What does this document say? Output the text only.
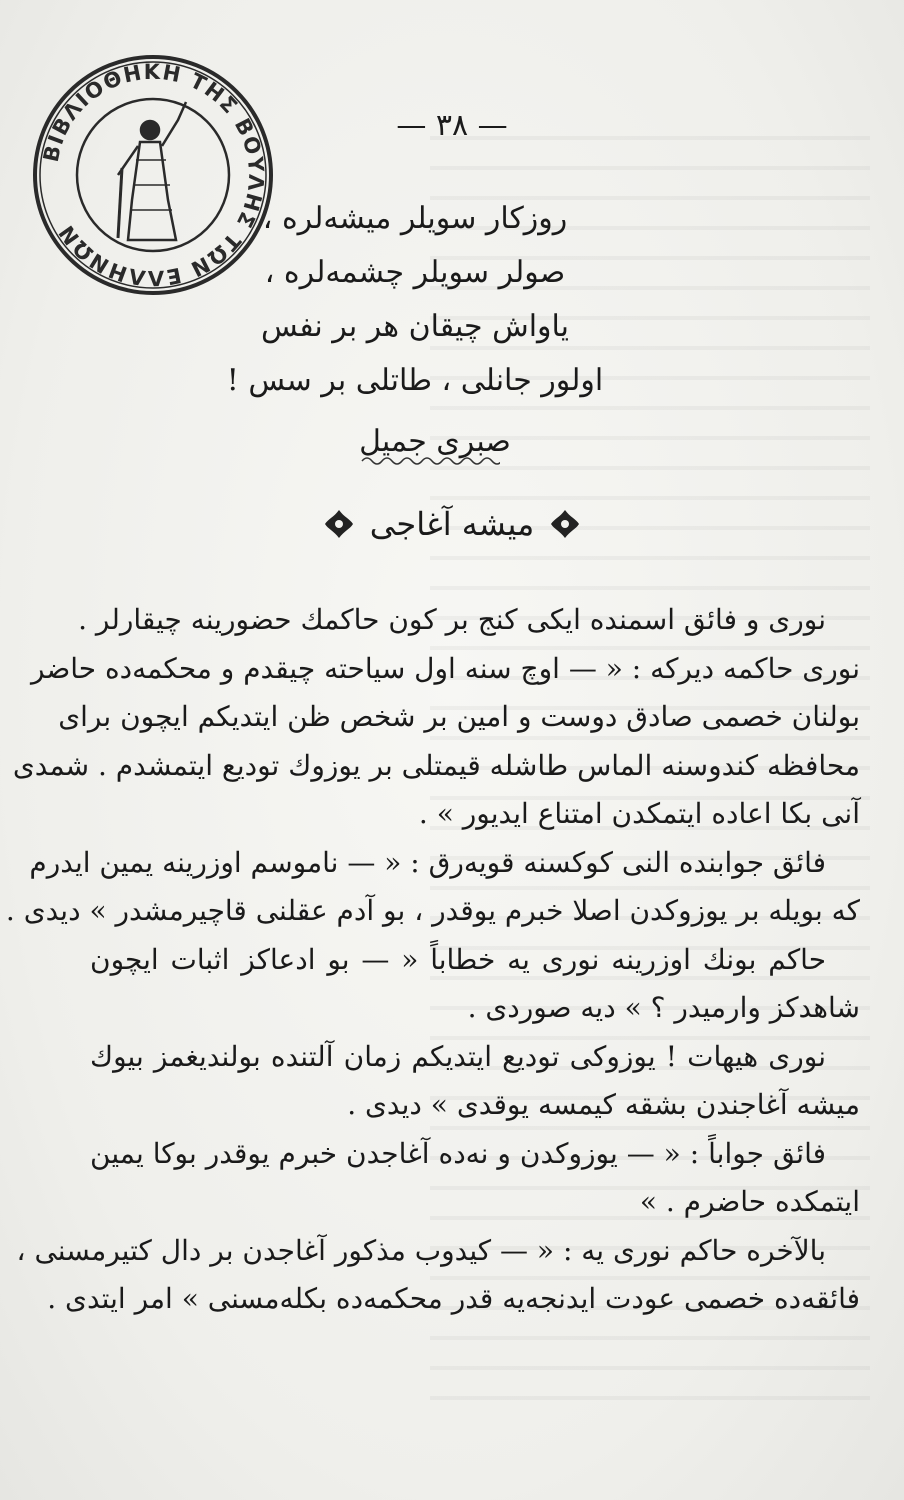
ΒΙΒΛΙΟΘΗΚΗ ΤΗΣ ΒΟΥΛΗΣ ΤΩΝ ΕΛΛΗΝΩΝ
— ٣٨ —
روزكار سويلر ميشەلرە ،
صولر سويلر چشمەلرە ،
ياواش چيقان هر بر نفس
اولور جانلى ، طاتلى بر سس !
صبرى جميل
ميشە آغاجى
نورى و فائق اسمندە ايكى كنج بر كون حاكمك حضورينە چيقارلر .
نورى حاكمە ديركە : « — اوچ سنە اول سياحتە چيقدم و محكمەدە حاضر
بولنان خصمى صادق دوست و امين بر شخص ظن ايتديكم ايچون براى
محافظە كندوسنە الماس طاشلە قيمتلى بر يوزوك توديع ايتمشدم . شمدى
آنى بكا اعادە ايتمكدن امتناع ايديور » .
فائق جوابندە النى كوكسنە قويەرق : « — ناموسم اوزرينە يمين ايدرم
كە بويلە بر يوزوكدن اصلا خبرم يوقدر ، بو آدم عقلنى قاچيرمشدر » ديدى .
حاكم بونك اوزرينە نورى يە خطاباً « — بو ادعاكز اثبات ايچون
شاهدكز وارميدر ؟ » ديە صوردى .
نورى هيهات ! يوزوكى توديع ايتديكم زمان آلتندە بولنديغمز بيوك
ميشە آغاجندن بشقە كيمسە يوقدى » ديدى .
فائق جواباً : « — يوزوكدن و نەدە آغاجدن خبرم يوقدر بوكا يمين
ايتمكدە حاضرم . »
بالآخرە حاكم نورى يە : « — كيدوب مذكور آغاجدن بر دال كتيرمسنى ،
فائقەدە خصمى عودت ايدنجەيە قدر محكمەدە بكلەمسنى » امر ايتدى .
